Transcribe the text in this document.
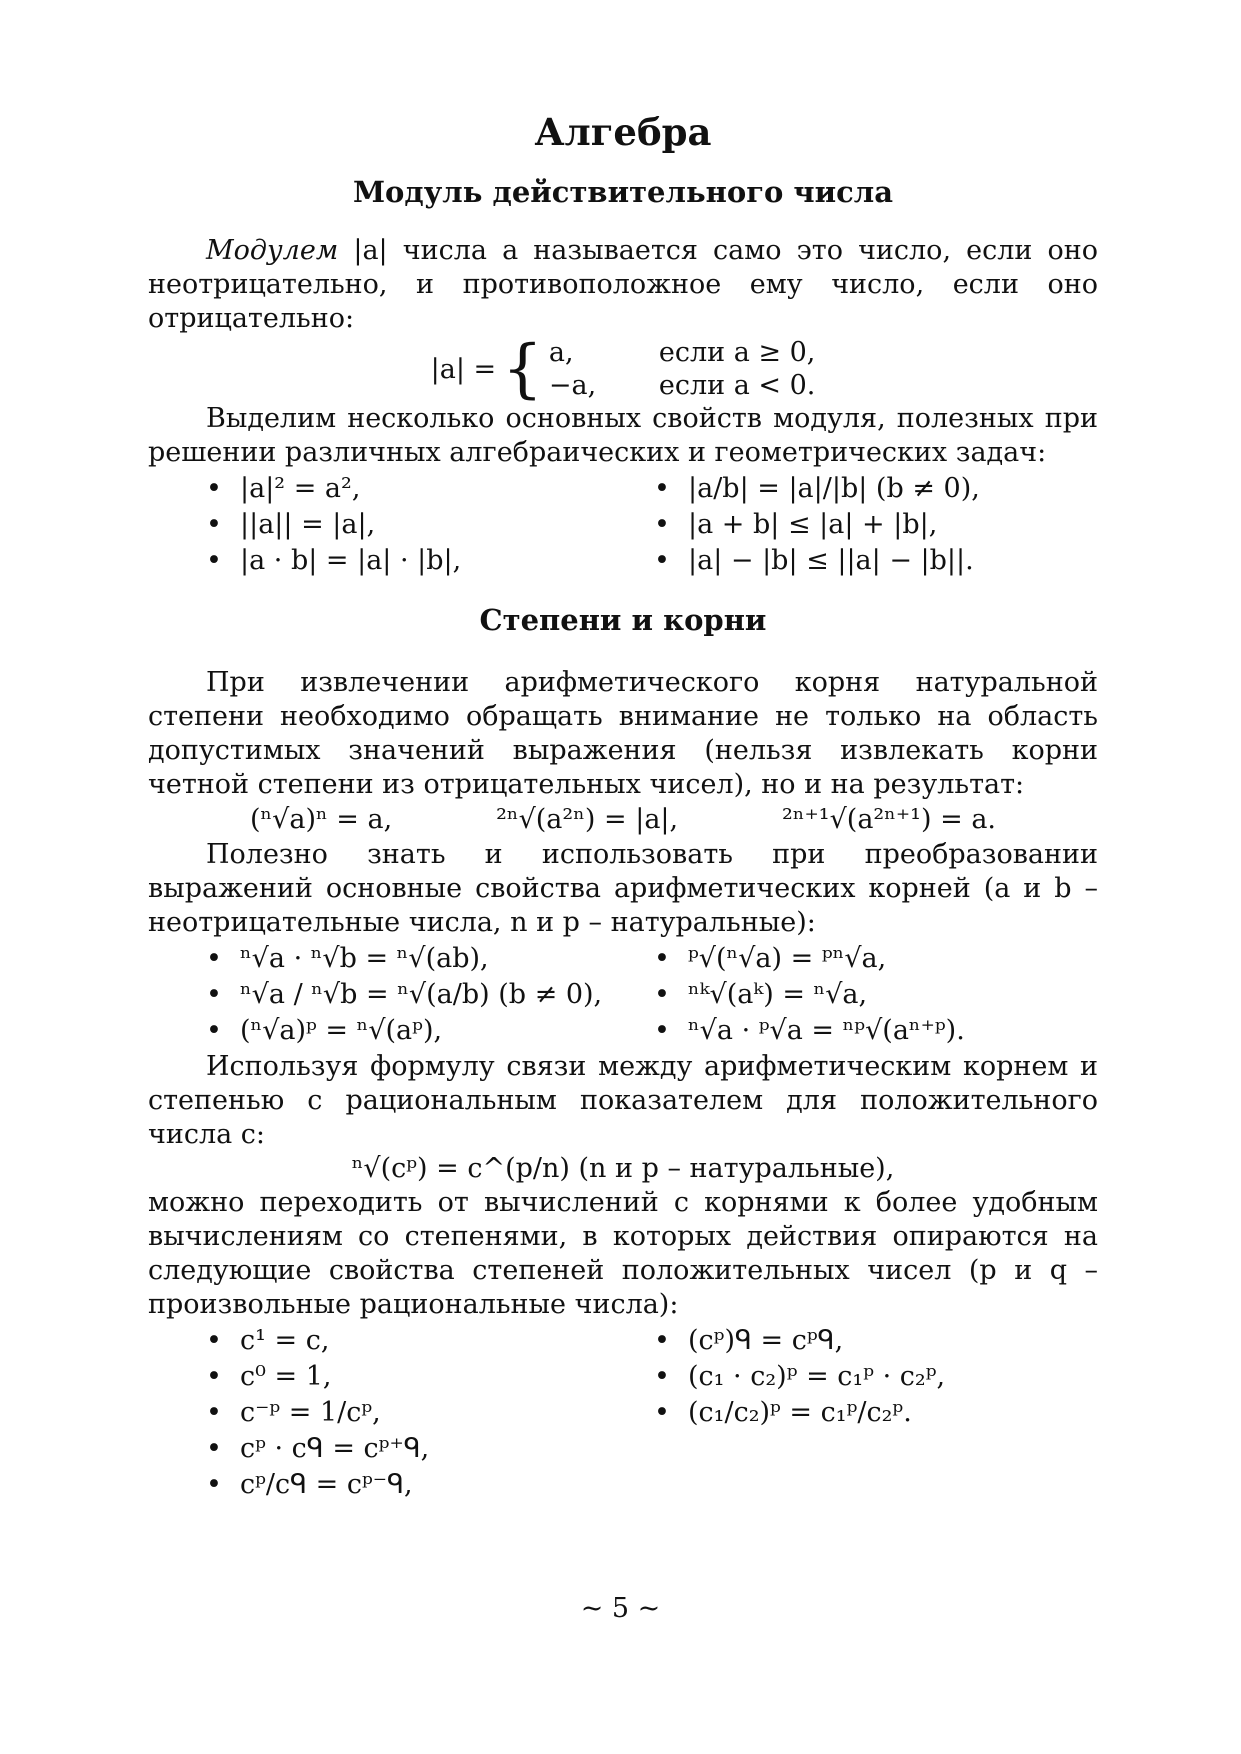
Алгебра
Модуль действительного числа

Модулем |a| числа a называется само это число, если оно неотрицательно, и противоположное ему число, если оно отрицательно:

|a| = { a,	если a ≥ 0,
−a,	если a < 0.

Выделим несколько основных свойств модуля, полезных при решении различных алгебраических и геометрических задач:

• |a|² = a²,
• ||a|| = |a|,
• |a · b| = |a| · |b|,
• |a/b| = |a|/|b| (b ≠ 0),
• |a + b| ≤ |a| + |b|,
• |a| − |b| ≤ ||a| − |b||.
Степени и корни

При извлечении арифметического корня натуральной степени необходимо обращать внимание не только на область допустимых значений выражения (нельзя извлекать корни четной степени из отрицательных чисел), но и на результат:

(ⁿ√a)ⁿ = a,	²ⁿ√(a²ⁿ) = |a|,	²ⁿ⁺¹√(a²ⁿ⁺¹) = a.

Полезно знать и использовать при преобразовании выражений основные свойства арифметических корней (a и b – неотрицательные числа, n и p – натуральные):

• ⁿ√a · ⁿ√b = ⁿ√(ab),
• ⁿ√a / ⁿ√b = ⁿ√(a/b) (b ≠ 0),
• (ⁿ√a)ᵖ = ⁿ√(aᵖ),
• ᵖ√(ⁿ√a) = ᵖⁿ√a,
• ⁿᵏ√(aᵏ) = ⁿ√a,
• ⁿ√a · ᵖ√a = ⁿᵖ√(aⁿ⁺ᵖ).

Используя формулу связи между арифметическим корнем и степенью с рациональным показателем для положительного числа c:

ⁿ√(cᵖ) = c^(p/n) (n и p – натуральные),

можно переходить от вычислений с корнями к более удобным вычислениям со степенями, в которых действия опираются на следующие свойства степеней положительных чисел (p и q – произвольные рациональные числа):

• c¹ = c,
• c⁰ = 1,
• c⁻ᵖ = 1/cᵖ,
• cᵖ · cᑫ = cᵖ⁺ᑫ,
• cᵖ/cᑫ = cᵖ⁻ᑫ,
• (cᵖ)ᑫ = cᵖᑫ,
• (c₁ · c₂)ᵖ = c₁ᵖ · c₂ᵖ,
• (c₁/c₂)ᵖ = c₁ᵖ/c₂ᵖ.
~ 5 ~
